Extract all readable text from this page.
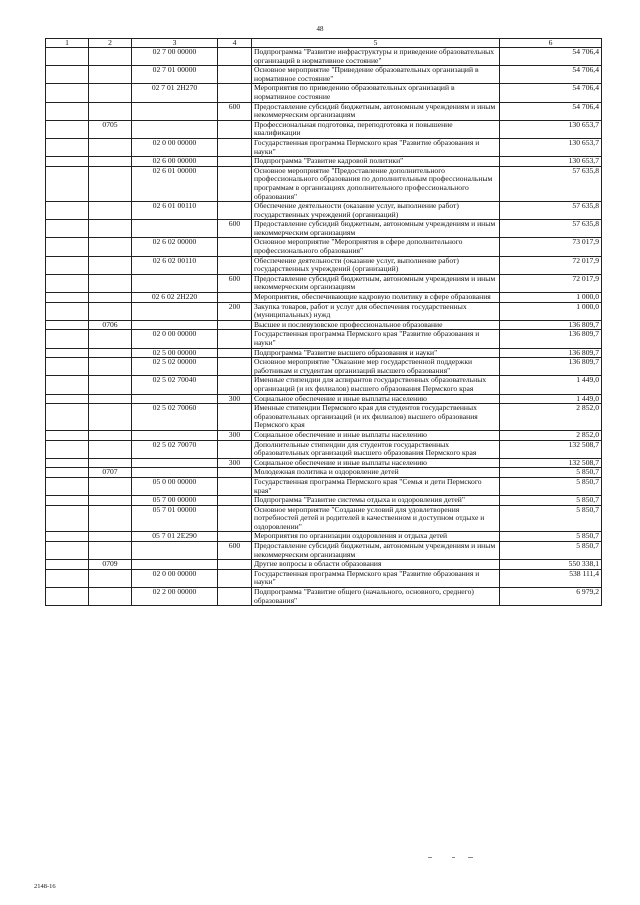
48
1	2	3	4	5	6
		02 7 00 00000		Подпрограмма "Развитие инфраструктуры и приведение образовательных организаций в нормативное состояние"	54 706,4
		02 7 01 00000		Основное мероприятие "Приведение образовательных организаций в нормативное состояние"	54 706,4
		02 7 01 2Н270		Мероприятия по приведению образовательных организаций в нормативное состояние	54 706,4
			600	Предоставление субсидий бюджетным, автономным учреждениям и иным некоммерческим организациям	54 706,4
	0705			Профессиональная подготовка, переподготовка и повышение квалификации	130 653,7
		02 0 00 00000		Государственная программа Пермского края "Развитие образования и науки"	130 653,7
		02 6 00 00000		Подпрограмма "Развитие кадровой политики"	130 653,7
		02 6 01 00000		Основное мероприятие "Предоставление дополнительного профессионального образования по дополнительным профессиональным программам в организациях дополнительного профессионального образования"	57 635,8
		02 6 01 00110		Обеспечение деятельности (оказание услуг, выполнение работ) государственных учреждений (организаций)	57 635,8
			600	Предоставление субсидий бюджетным, автономным учреждениям и иным некоммерческим организациям	57 635,8
		02 6 02 00000		Основное мероприятие "Мероприятия в сфере дополнительного профессионального образования"	73 017,9
		02 6 02 00110		Обеспечение деятельности (оказание услуг, выполнение работ) государственных учреждений (организаций)	72 017,9
			600	Предоставление субсидий бюджетным, автономным учреждениям и иным некоммерческим организациям	72 017,9
		02 6 02 2Н220		Мероприятия, обеспечивающие кадровую политику в сфере образования	1 000,0
			200	Закупка товаров, работ и услуг для обеспечения государственных (муниципальных) нужд	1 000,0
	0706			Высшее и послевузовское профессиональное образование	136 809,7
		02 0 00 00000		Государственная программа Пермского края "Развитие образования и науки"	136 809,7
		02 5 00 00000		Подпрограмма "Развитие высшего образования и науки"	136 809,7
		02 5 02 00000		Основное мероприятие "Оказание мер государственной поддержки работникам и студентам организаций высшего образования"	136 809,7
		02 5 02 70040		Именные стипендии для аспирантов государственных образовательных организаций (и их филиалов) высшего образования Пермского края	1 449,0
			300	Социальное обеспечение и иные выплаты населению	1 449,0
		02 5 02 70060		Именные стипендии Пермского края для студентов государственных образовательных организаций (и их филиалов) высшего образования Пермского края	2 852,0
			300	Социальное обеспечение и иные выплаты населению	2 852,0
		02 5 02 70070		Дополнительные стипендии для студентов государственных образовательных организаций высшего образования Пермского края	132 508,7
			300	Социальное обеспечение и иные выплаты населению	132 508,7
	0707			Молодежная политика и оздоровление детей	5 850,7
		05 0 00 00000		Государственная программа Пермского края "Семья и дети Пермского края"	5 850,7
		05 7 00 00000		Подпрограмма "Развитие системы отдыха и оздоровления детей"	5 850,7
		05 7 01 00000		Основное мероприятие "Создание условий для удовлетворения потребностей детей и родителей в качественном и доступном отдыхе и оздоровлении"	5 850,7
		05 7 01 2Е290		Мероприятия по организации оздоровления и отдыха детей	5 850,7
			600	Предоставление субсидий бюджетным, автономным учреждениям и иным некоммерческим организациям	5 850,7
	0709			Другие вопросы в области образования	550 338,1
		02 0 00 00000		Государственная программа Пермского края "Развитие образования и науки"	538 111,4
		02 2 00 00000		Подпрограмма "Развитие общего (начального, основного, среднего) образования"	6 979,2
2148-16
